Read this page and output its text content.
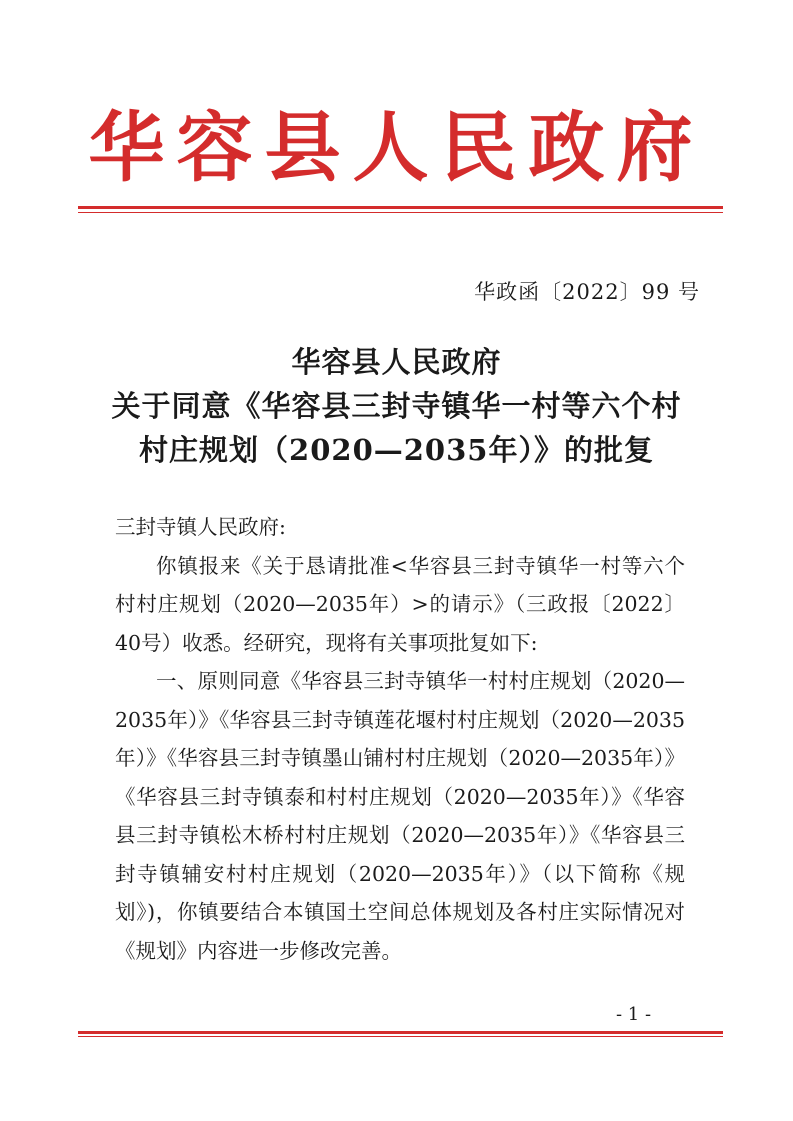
华容县人民政府
华政函〔2022〕99 号
华容县人民政府
关于同意《华容县三封寺镇华一村等六个村
村庄规划（2020—2035年）》的批复
三封寺镇人民政府:
你镇报来《关于恳请批准<华容县三封寺镇华一村等六个村村庄规划（2020—2035年）>的请示》（三政报〔2022〕40号）收悉。经研究，现将有关事项批复如下:
一、原则同意《华容县三封寺镇华一村村庄规划（2020—2035年）》《华容县三封寺镇莲花堰村村庄规划（2020—2035年）》《华容县三封寺镇墨山铺村村庄规划（2020—2035年）》《华容县三封寺镇泰和村村庄规划（2020—2035年）》《华容县三封寺镇松木桥村村庄规划（2020—2035年）》《华容县三封寺镇辅安村村庄规划（2020—2035年）》（以下简称《规划》)，你镇要结合本镇国土空间总体规划及各村庄实际情况对《规划》内容进一步修改完善。
- 1 -
